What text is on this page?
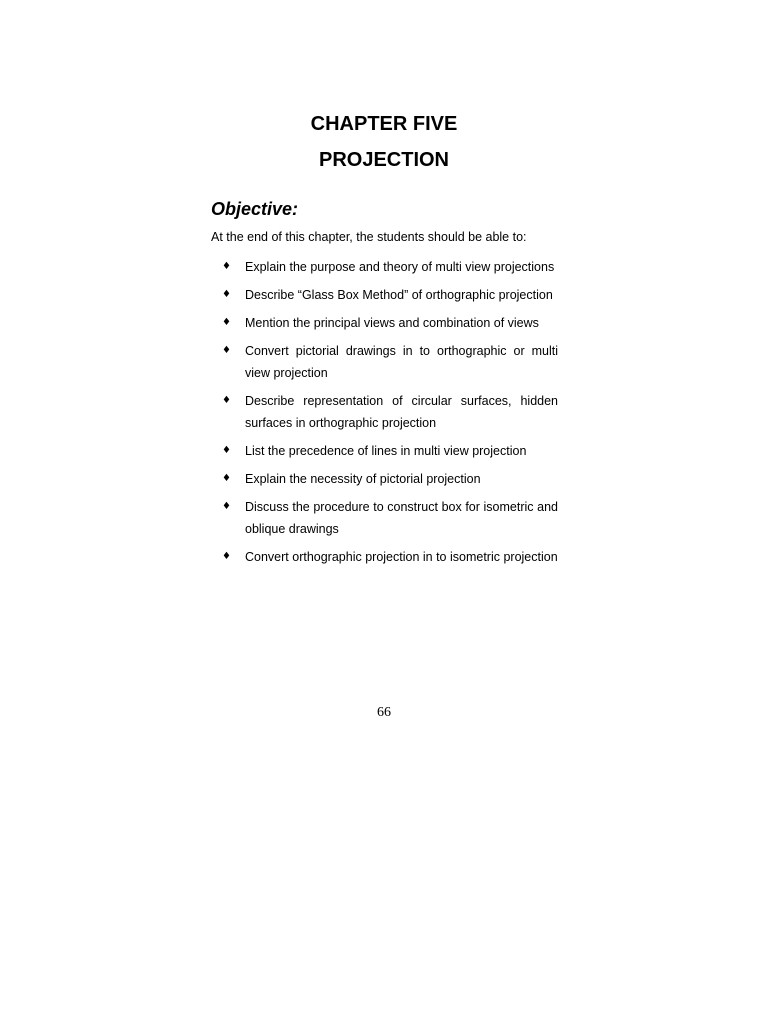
CHAPTER FIVE
PROJECTION
Objective:

At the end of this chapter, the students should be able to:

♦ Explain the purpose and theory of multi view projections
♦ Describe “Glass Box Method” of orthographic projection
♦ Mention the principal views and combination of views
♦ Convert pictorial drawings in to orthographic or multi view projection
♦ Describe representation of circular surfaces, hidden surfaces in orthographic projection
♦ List the precedence of lines in multi view projection
♦ Explain the necessity of pictorial projection
♦ Discuss the procedure to construct box for isometric and oblique drawings
♦ Convert orthographic projection in to isometric projection

66
